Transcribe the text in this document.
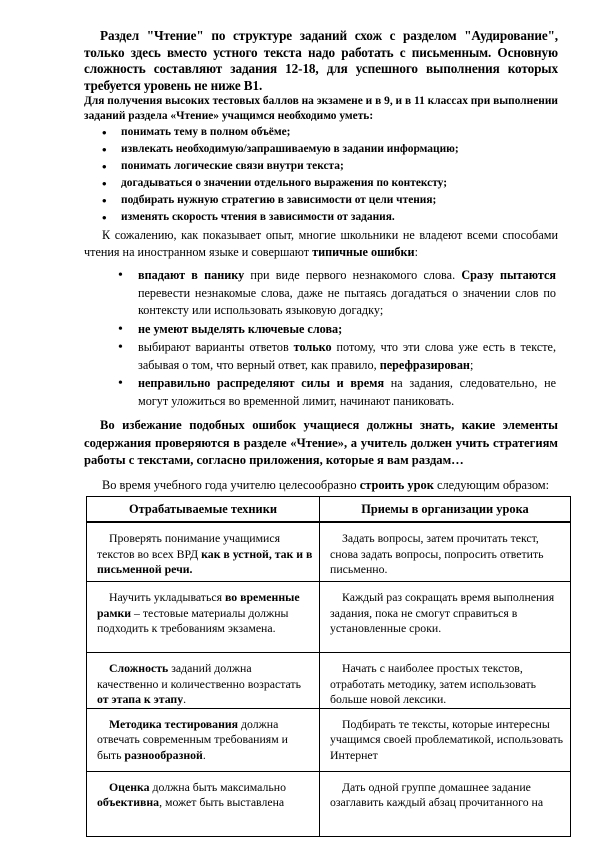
Раздел "Чтение" по структуре заданий схож с разделом "Аудирование", только здесь вместо устного текста надо работать с письменным. Основную сложность составляют задания 12-18, для успешного выполнения которых требуется уровень не ниже B1.

Для получения высоких тестовых баллов на экзамене и в 9, и в 11 классах при выполнении заданий раздела «Чтение» учащимся необходимо уметь:

• понимать тему в полном объёме;
• извлекать необходимую/запрашиваемую в задании информацию;
• понимать логические связи внутри текста;
• догадываться о значении отдельного выражения по контексту;
• подбирать нужную стратегию в зависимости от цели чтения;
• изменять скорость чтения в зависимости от задания.

К сожалению, как показывает опыт, многие школьники не владеют всеми способами чтения на иностранном языке и совершают типичные ошибки:

• впадают в панику при виде первого незнакомого слова. Сразу пытаются перевести незнакомые слова, даже не пытаясь догадаться о значении слов по контексту или использовать языковую догадку;
• не умеют выделять ключевые слова;
• выбирают варианты ответов только потому, что эти слова уже есть в тексте, забывая о том, что верный ответ, как правило, перефразирован;
• неправильно распределяют силы и время на задания, следовательно, не могут уложиться во временной лимит, начинают паниковать.

Во избежание подобных ошибок учащиеся должны знать, какие элементы содержания проверяются в разделе «Чтение», а учитель должен учить стратегиям работы с текстами, согласно приложения, которые я вам раздам…

Во время учебного года учителю целесообразно строить урок следующим образом:

Отрабатываемые техники	Приемы в организации урока
Проверять понимание учащимися текстов во всех ВРД как в устной, так и в письменной речи.	Задать вопросы, затем прочитать текст, снова задать вопросы, попросить ответить письменно.
Научить укладываться во временные рамки – тестовые материалы должны подходить к требованиям экзамена.	Каждый раз сокращать время выполнения задания, пока не смогут справиться в установленные сроки.
Сложность заданий должна качественно и количественно возрастать от этапа к этапу.	Начать с наиболее простых текстов, отработать методику, затем использовать больше новой лексики.
Методика тестирования должна отвечать современным требованиям и быть разнообразной.	Подбирать те тексты, которые интересны учащимся своей проблематикой, использовать Интернет
Оценка должна быть максимально объективна, может быть выставлена	Дать одной группе домашнее задание озаглавить каждый абзац прочитанного на
